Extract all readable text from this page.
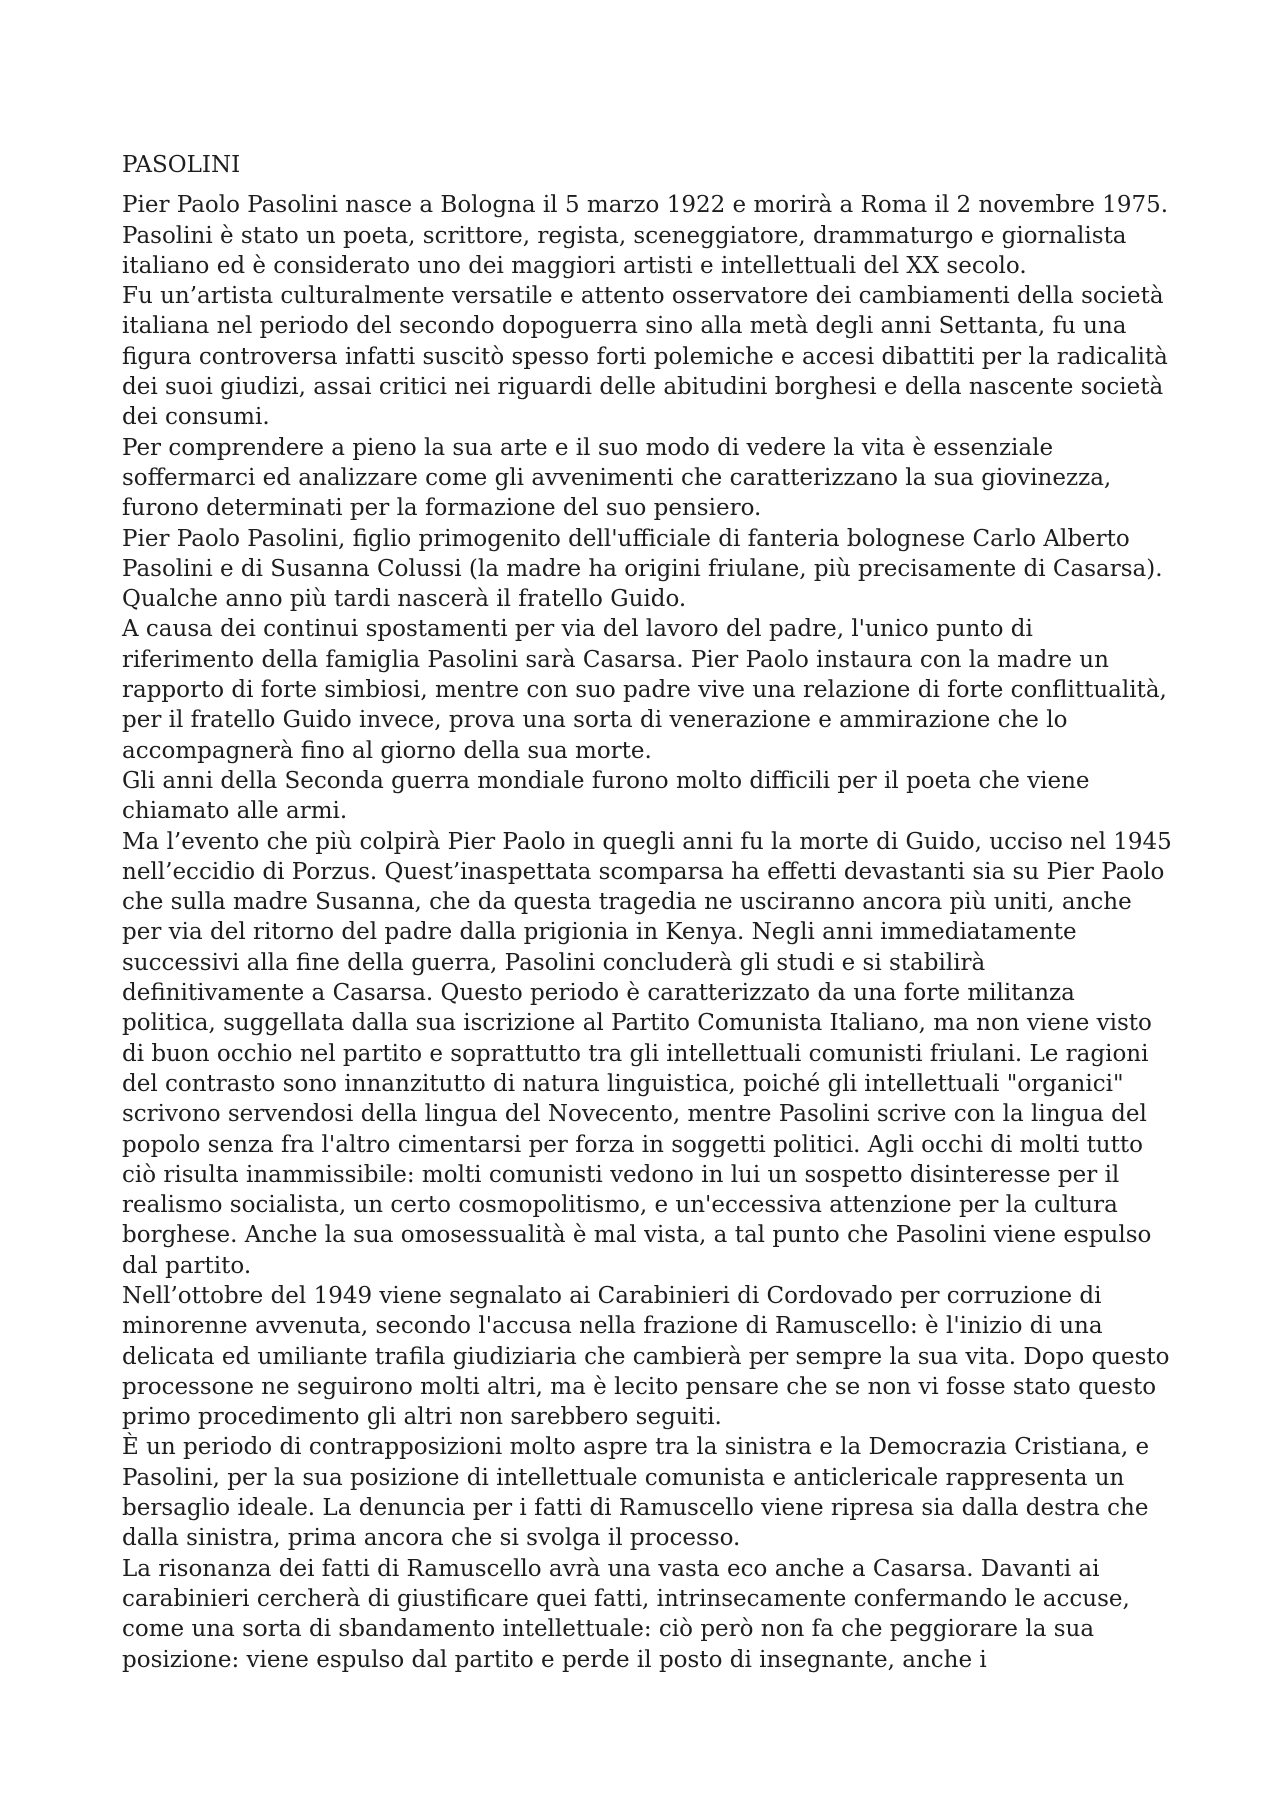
PASOLINI

Pier Paolo Pasolini nasce a Bologna il 5 marzo 1922 e morirà a Roma il 2 novembre 1975.

Pasolini è stato un poeta, scrittore, regista, sceneggiatore, drammaturgo e giornalista italiano ed è considerato uno dei maggiori artisti e intellettuali del XX secolo.

Fu un’artista culturalmente versatile e attento osservatore dei cambiamenti della società italiana nel periodo del secondo dopoguerra sino alla metà degli anni Settanta, fu una figura controversa infatti suscitò spesso forti polemiche e accesi dibattiti per la radicalità dei suoi giudizi, assai critici nei riguardi delle abitudini borghesi e della nascente società dei consumi.

Per comprendere a pieno la sua arte e il suo modo di vedere la vita è essenziale soffermarci ed analizzare come gli avvenimenti che caratterizzano la sua giovinezza, furono determinati per la formazione del suo pensiero.

Pier Paolo Pasolini, figlio primogenito dell'ufficiale di fanteria bolognese Carlo Alberto Pasolini e di Susanna Colussi (la madre ha origini friulane, più precisamente di Casarsa). Qualche anno più tardi nascerà il fratello Guido.

A causa dei continui spostamenti per via del lavoro del padre, l'unico punto di riferimento della famiglia Pasolini sarà Casarsa. Pier Paolo instaura con la madre un rapporto di forte simbiosi, mentre con suo padre vive una relazione di forte conflittualità, per il fratello Guido invece, prova una sorta di venerazione e ammirazione che lo accompagnerà fino al giorno della sua morte.

Gli anni della Seconda guerra mondiale furono molto difficili per il poeta che viene chiamato alle armi.

Ma l’evento che più colpirà Pier Paolo in quegli anni fu la morte di Guido, ucciso nel 1945 nell’eccidio di Porzus. Quest’inaspettata scomparsa ha effetti devastanti sia su Pier Paolo che sulla madre Susanna, che da questa tragedia ne usciranno ancora più uniti, anche per via del ritorno del padre dalla prigionia in Kenya. Negli anni immediatamente successivi alla fine della guerra, Pasolini concluderà gli studi e si stabilirà definitivamente a Casarsa. Questo periodo è caratterizzato da una forte militanza politica, suggellata dalla sua iscrizione al Partito Comunista Italiano, ma non viene visto di buon occhio nel partito e soprattutto tra gli intellettuali comunisti friulani. Le ragioni del contrasto sono innanzitutto di natura linguistica, poiché gli intellettuali "organici" scrivono servendosi della lingua del Novecento, mentre Pasolini scrive con la lingua del popolo senza fra l'altro cimentarsi per forza in soggetti politici. Agli occhi di molti tutto ciò risulta inammissibile: molti comunisti vedono in lui un sospetto disinteresse per il realismo socialista, un certo cosmopolitismo, e un'eccessiva attenzione per la cultura borghese. Anche la sua omosessualità è mal vista, a tal punto che Pasolini viene espulso dal partito.

Nell’ottobre del 1949 viene segnalato ai Carabinieri di Cordovado per corruzione di minorenne avvenuta, secondo l'accusa nella frazione di Ramuscello: è l'inizio di una delicata ed umiliante trafila giudiziaria che cambierà per sempre la sua vita. Dopo questo processone ne seguirono molti altri, ma è lecito pensare che se non vi fosse stato questo primo procedimento gli altri non sarebbero seguiti.

È un periodo di contrapposizioni molto aspre tra la sinistra e la Democrazia Cristiana, e Pasolini, per la sua posizione di intellettuale comunista e anticlericale rappresenta un bersaglio ideale. La denuncia per i fatti di Ramuscello viene ripresa sia dalla destra che dalla sinistra, prima ancora che si svolga il processo.

La risonanza dei fatti di Ramuscello avrà una vasta eco anche a Casarsa. Davanti ai carabinieri cercherà di giustificare quei fatti, intrinsecamente confermando le accuse, come una sorta di sbandamento intellettuale: ciò però non fa che peggiorare la sua posizione: viene espulso dal partito e perde il posto di insegnante, anche i
